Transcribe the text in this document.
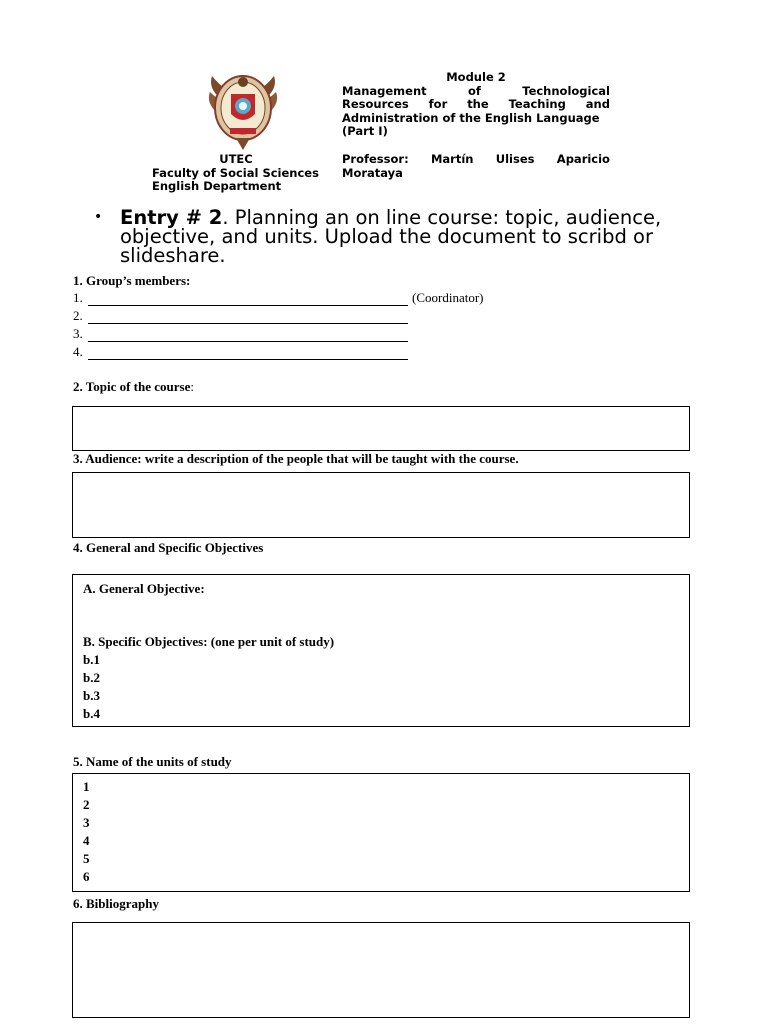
UTEC
Faculty of Social Sciences
English Department
Module 2
Management	of	Technological
Resources for the Teaching and
Administration of the English Language
(Part I)
Professor: Martín Ulises Aparicio
Morataya
• Entry # 2. Planning an on line course: topic, audience, objective, and units. Upload the document to scribd or slideshare.
1. Group’s members:
1.	(Coordinator)
2.
3.
4.
2. Topic of the course:
3. Audience: write a description of the people that will be taught with the course.
4. General and Specific Objectives
A. General Objective:
B. Specific Objectives: (one per unit of study)
b.1
b.2
b.3
b.4
5. Name of the units of study
1
2
3
4
5
6
6. Bibliography
